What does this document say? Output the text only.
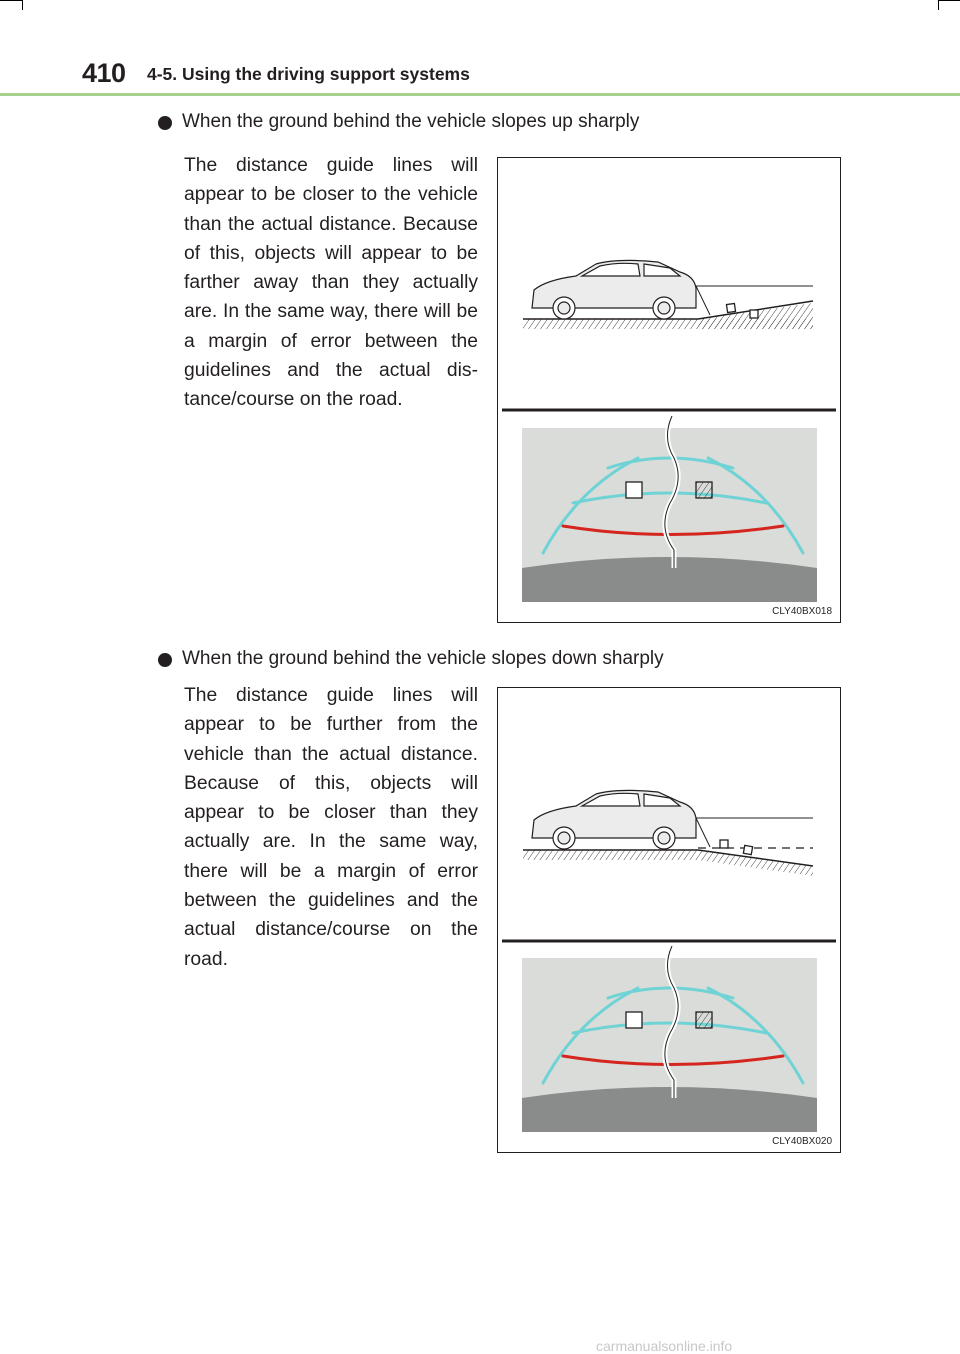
410 4-5. Using the driving support systems
When the ground behind the vehicle slopes up sharply
The distance guide lines will appear to be closer to the vehicle than the actual distance. Because of this, objects will appear to be farther away than they actually are. In the same way, there will be a margin of error between the guidelines and the actual dis-tance/course on the road.
CLY40BX018
When the ground behind the vehicle slopes down sharply
The distance guide lines will appear to be further from the vehicle than the actual distance. Because of this, objects will appear to be closer than they actually are. In the same way, there will be a margin of error between the guidelines and the actual distance/course on the road.
CLY40BX020
carmanualsonline.info
